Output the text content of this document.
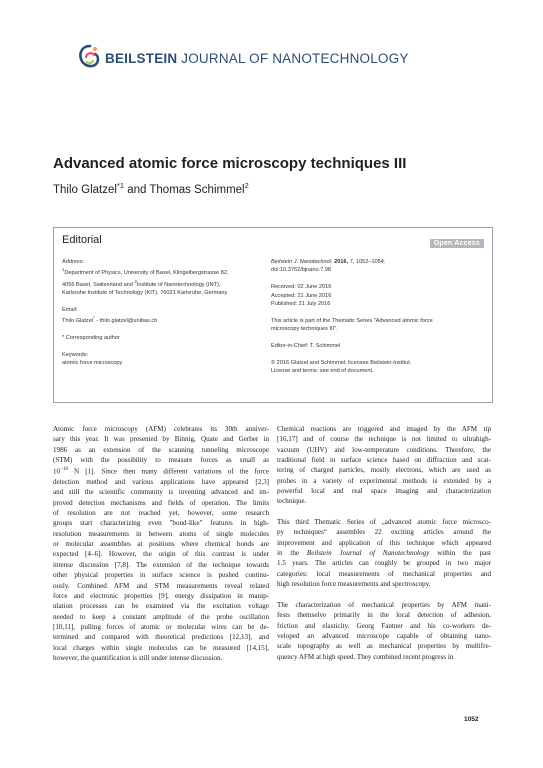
BEILSTEIN JOURNAL OF NANOTECHNOLOGY
Advanced atomic force microscopy techniques III
Thilo Glatzel$^{*1}$ and Thomas Schimmel$^2$
Editorial	Open Access
Address:
$^1$Department of Physics, University of Basel, Klingelbergstrasse 82,
4056 Basel, Switzerland and $^2$Institute of Nanotechnology (INT),
Karlsruhe Institute of Technology (KIT), 76021 Karlsruhe, Germany
Email:
Thilo Glatzel* - thilo.glatzel@unibas.ch
* Corresponding author
Keywords:
atomic force microscopy
Beilstein J. Nanotechnol. 2016, 7, 1052–1054.
doi:10.3762/bjnano.7.98
Received: 02 June 2016
Accepted: 21 June 2016
Published: 21 July 2016
This article is part of the Thematic Series "Advanced atomic force
microscopy techniques III".
Editor-in-Chief: T. Schimmel
© 2016 Glatzel and Schimmel; licensee Beilstein-Institut.
License and terms: see end of document.

Atomic force microscopy (AFM) celebrates its 30th anniver-
sary this year. It was presented by Binnig, Quate and Gerber in
1986 as an extension of the scanning tunneling microscope
(STM) with the possibility to measure forces as small as
$10^{-18}$ N [1]. Since then many different variations of the force
detection method and various applications have appeared [2,3]
and still the scientific community is inventing advanced and im-
proved detection mechanisms and fields of operation. The limits
of resolution are not reached yet, however, some research
groups start characterizing even "bond-like" features in high-
resolution measurements in between atoms of single molecules
or molecular assemblies at positions where chemical bonds are
expected [4–6]. However, the origin of this contrast is under
intense discussion [7,8]. The extension of the technique towards
other physical properties in surface science is pushed continu-
ously. Combined AFM and STM measurements reveal related
force and electronic properties [9], energy dissipation in manip-
ulation processes can be examined via the excitation voltage
needed to keep a constant amplitude of the probe oscillation
[10,11], pulling forces of atomic or molecular wires can be de-
termined and compared with theoretical predictions [12,13], and
local charges within single molecules can be measured [14,15],
however, the quantification is still under intense discussion.

Chemical reactions are triggered and imaged by the AFM tip
[16,17] and of course the technique is not limited to ultrahigh-
vacuum (UHV) and low-temperature conditions. Therefore, the
traditional field in surface science based on diffraction and scat-
tering of charged particles, mostly electrons, which are used as
probes in a variety of experimental methods is extended by a
powerful local and real space imaging and characterization
technique.

This third Thematic Series of „advanced atomic force microsco-
py techniques“ assembles 22 exciting articles around the
improvement and application of this technique which appeared
in the Beilstein Journal of Nanotechnology within the past
1.5 years. The articles can roughly be grouped in two major
categories: local measurements of mechanical properties and
high resolution force measurements and spectroscopy.

The characterization of mechanical properties by AFM mani-
fests themselve primarily in the local detection of adhesion,
friction and elasticity. Georg Fantner and his co-workers de-
veloped an advanced microscope capable of obtaining nano-
scale topography as well as mechanical properties by multifre-
quency AFM at high speed. They combined recent progress in

1052
